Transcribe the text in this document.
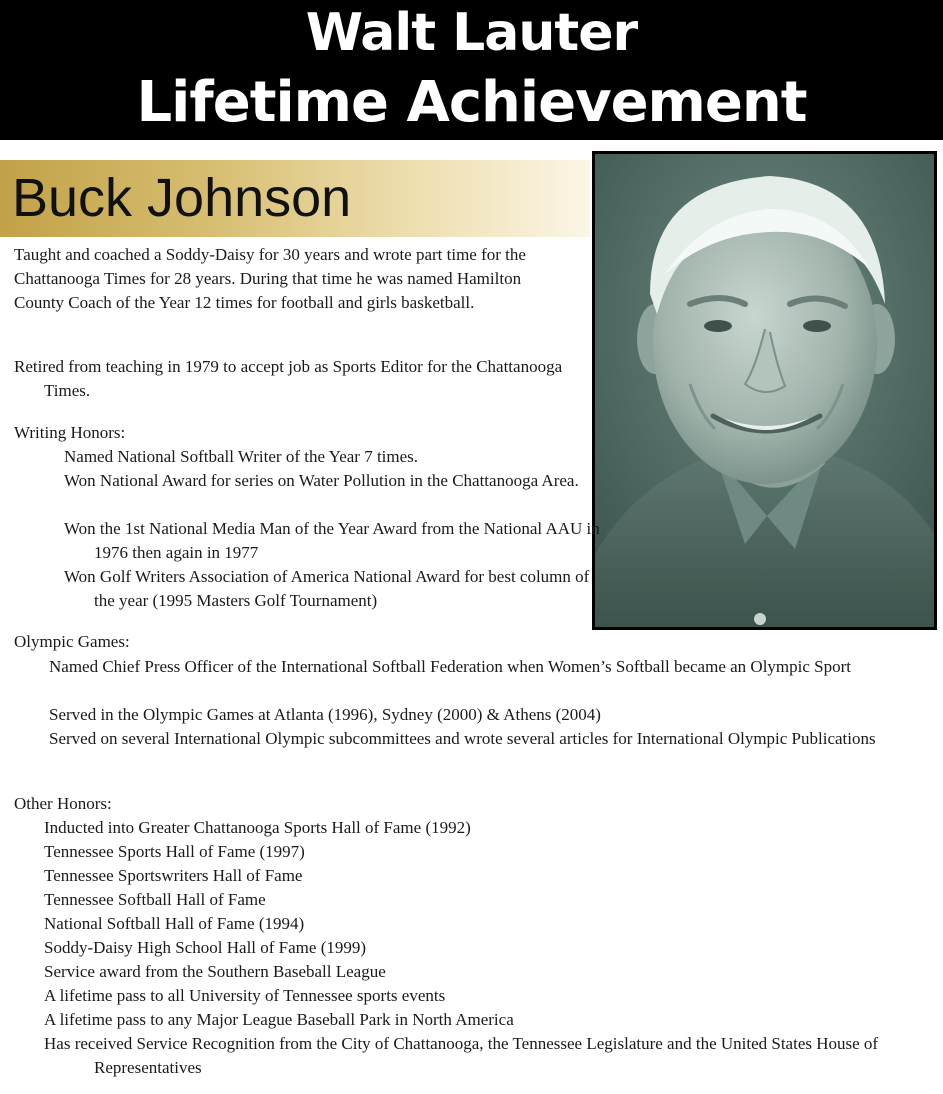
Walt Lauter
Lifetime Achievement
Buck Johnson
Taught and coached a Soddy-Daisy for 30 years and wrote part time for the Chattanooga Times for 28 years. During that time he was named Hamilton County Coach of the Year 12 times for football and girls basketball.
Retired from teaching in 1979 to accept job as Sports Editor for the Chattanooga Times.
Writing Honors:
Named National Softball Writer of the Year 7 times.
Won National Award for series on Water Pollution in the Chattanooga Area.
Won the 1st National Media Man of the Year Award from the National AAU in 1976 then again in 1977
Won Golf Writers Association of America National Award for best column of the year (1995 Masters Golf Tournament)
Olympic Games:
Named Chief Press Officer of the International Softball Federation when Women’s Softball became an Olympic Sport
Served in the Olympic Games at Atlanta (1996), Sydney (2000) & Athens (2004)
Served on several International Olympic subcommittees and wrote several articles for International Olympic Publications
Other Honors:
Inducted into Greater Chattanooga Sports Hall of Fame (1992)
Tennessee Sports Hall of Fame (1997)
Tennessee Sportswriters Hall of Fame
Tennessee Softball Hall of Fame
National Softball Hall of Fame (1994)
Soddy-Daisy High School Hall of Fame (1999)
Service award from the Southern Baseball League
A lifetime pass to all University of Tennessee sports events
A lifetime pass to any Major League Baseball Park in North America
Has received Service Recognition from the City of Chattanooga, the Tennessee Legislature and the United States House of Representatives
